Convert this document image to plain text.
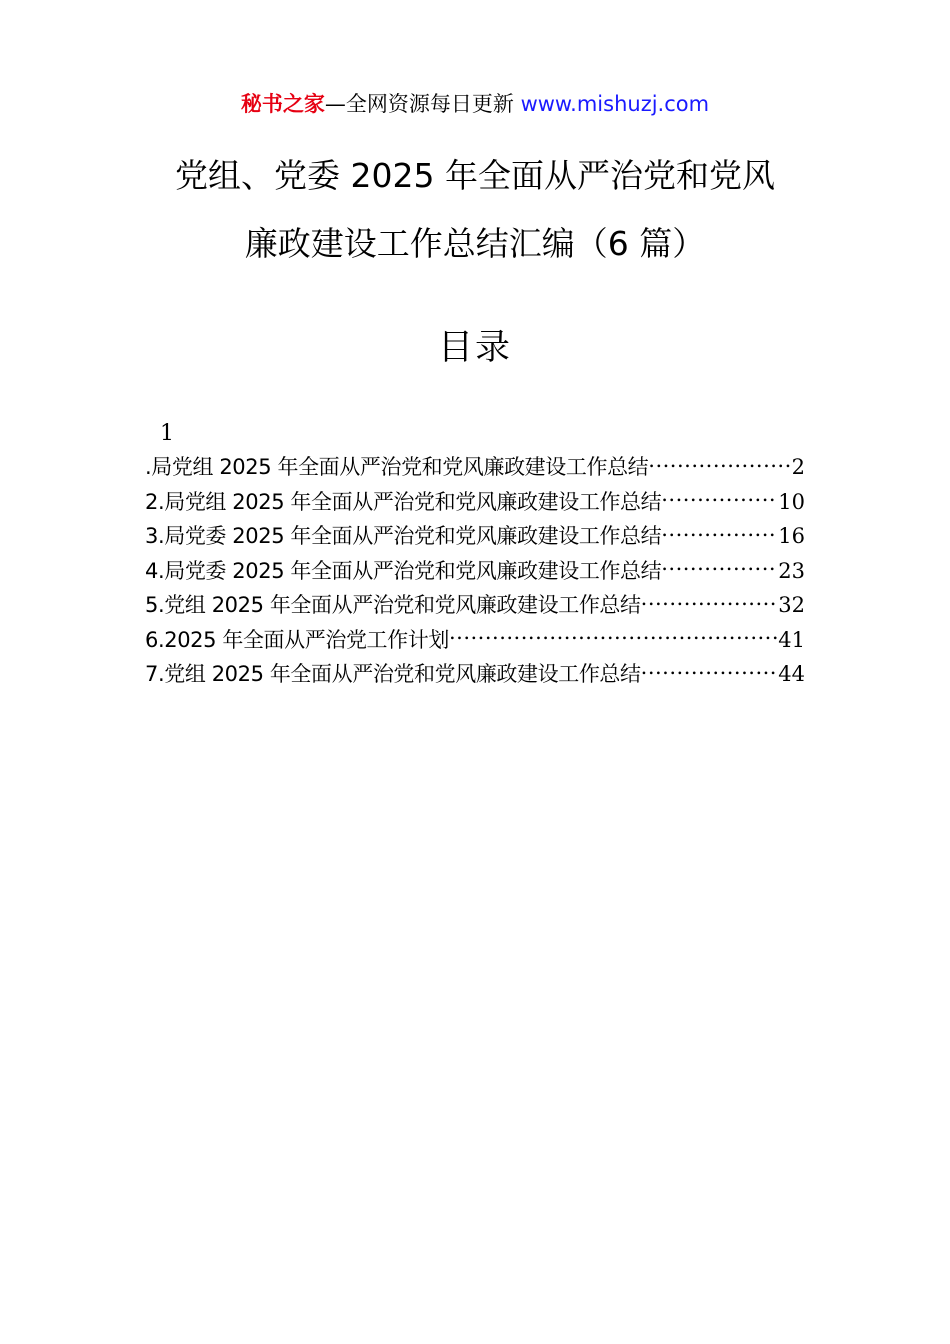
秘书之家—全网资源每日更新 www.mishuzj.com
党组、党委 2025 年全面从严治党和党风
廉政建设工作总结汇编（6 篇）
目录
1
.局党组 2025 年全面从严治党和党风廉政建设工作总结 .....	2
2.局党组 2025 年全面从严治党和党风廉政建设工作总结 .....	10
3.局党委 2025 年全面从严治党和党风廉政建设工作总结 .....	16
4.局党委 2025 年全面从严治党和党风廉政建设工作总结 .....	23
5.党组 2025 年全面从严治党和党风廉政建设工作总结 .....	32
6.2025 年全面从严治党工作计划 .....	41
7.党组 2025 年全面从严治党和党风廉政建设工作总结 .....	44
